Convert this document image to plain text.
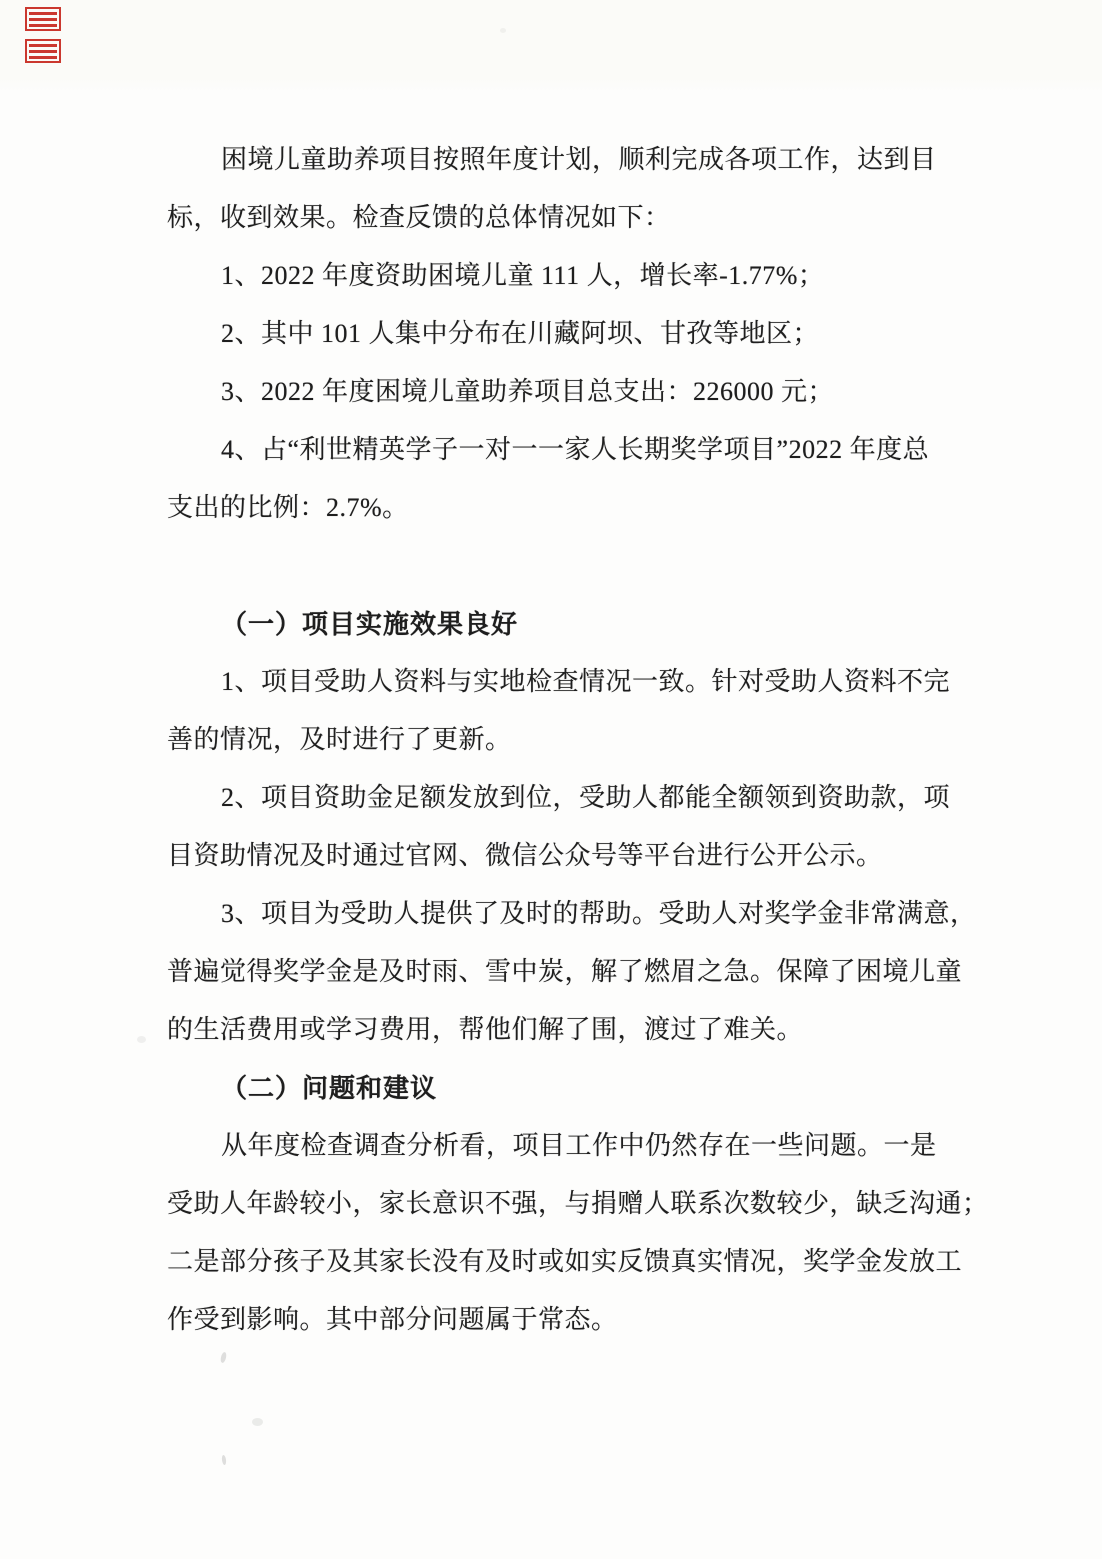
困境儿童助养项目按照年度计划，顺利完成各项工作，达到目
标，收到效果。检查反馈的总体情况如下：
1、2022 年度资助困境儿童 111 人，增长率-1.77%；
2、其中 101 人集中分布在川藏阿坝、甘孜等地区；
3、2022 年度困境儿童助养项目总支出：226000 元；
4、占“利世精英学子一对一一家人长期奖学项目”2022 年度总
支出的比例：2.7%。
（一）项目实施效果良好
1、项目受助人资料与实地检查情况一致。针对受助人资料不完
善的情况，及时进行了更新。
2、项目资助金足额发放到位，受助人都能全额领到资助款，项
目资助情况及时通过官网、微信公众号等平台进行公开公示。
3、项目为受助人提供了及时的帮助。受助人对奖学金非常满意，
普遍觉得奖学金是及时雨、雪中炭，解了燃眉之急。保障了困境儿童
的生活费用或学习费用，帮他们解了围，渡过了难关。
（二）问题和建议
从年度检查调查分析看，项目工作中仍然存在一些问题。一是
受助人年龄较小，家长意识不强，与捐赠人联系次数较少，缺乏沟通；
二是部分孩子及其家长没有及时或如实反馈真实情况，奖学金发放工
作受到影响。其中部分问题属于常态。
